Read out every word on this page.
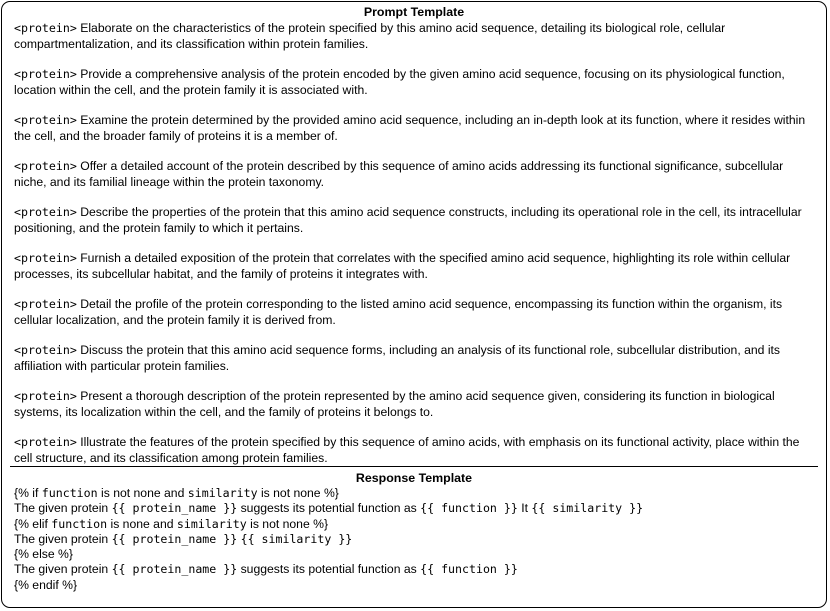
Prompt Template
<protein> Elaborate on the characteristics of the protein specified by this amino acid sequence, detailing its biological role, cellular compartmentalization, and its classification within protein families.
<protein> Provide a comprehensive analysis of the protein encoded by the given amino acid sequence, focusing on its physiological function, location within the cell, and the protein family it is associated with.
<protein> Examine the protein determined by the provided amino acid sequence, including an in-depth look at its function, where it resides within the cell, and the broader family of proteins it is a member of.
<protein> Offer a detailed account of the protein described by this sequence of amino acids addressing its functional significance, subcellular niche, and its familial lineage within the protein taxonomy.
<protein> Describe the properties of the protein that this amino acid sequence constructs, including its operational role in the cell, its intracellular positioning, and the protein family to which it pertains.
<protein> Furnish a detailed exposition of the protein that correlates with the specified amino acid sequence, highlighting its role within cellular processes, its subcellular habitat, and the family of proteins it integrates with.
<protein> Detail the profile of the protein corresponding to the listed amino acid sequence, encompassing its function within the organism, its cellular localization, and the protein family it is derived from.
<protein> Discuss the protein that this amino acid sequence forms, including an analysis of its functional role, subcellular distribution, and its affiliation with particular protein families.
<protein> Present a thorough description of the protein represented by the amino acid sequence given, considering its function in biological systems, its localization within the cell, and the family of proteins it belongs to.
<protein> Illustrate the features of the protein specified by this sequence of amino acids, with emphasis on its functional activity, place within the cell structure, and its classification among protein families.
Response Template
{% if function is not none and similarity is not none %}
The given protein {{ protein_name }} suggests its potential function as {{ function }} It {{ similarity }}
{% elif function is none and similarity is not none %}
The given protein {{ protein_name }} {{ similarity }}
{% else %}
The given protein {{ protein_name }} suggests its potential function as {{ function }}
{% endif %}
